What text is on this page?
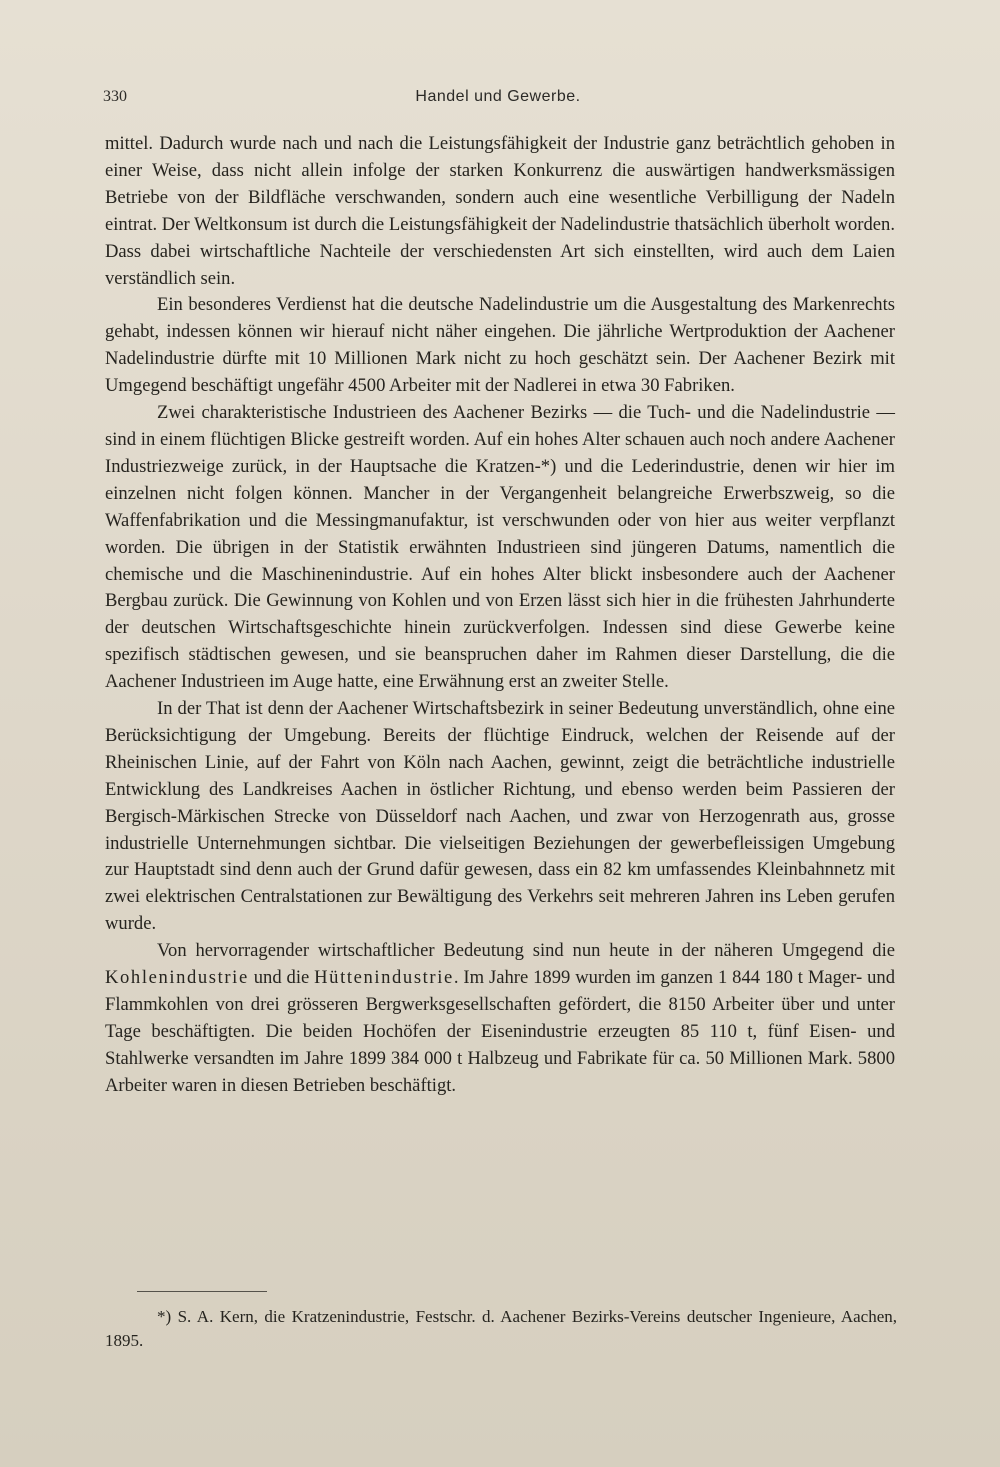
330	Handel und Gewerbe.

mittel. Dadurch wurde nach und nach die Leistungsfähigkeit der Industrie ganz beträchtlich gehoben in einer Weise, dass nicht allein infolge der starken Konkurrenz die auswärtigen handwerksmässigen Betriebe von der Bildfläche verschwanden, sondern auch eine wesentliche Verbilligung der Nadeln eintrat. Der Weltkonsum ist durch die Leistungsfähigkeit der Nadelindustrie thatsächlich überholt worden. Dass dabei wirtschaftliche Nachteile der verschiedensten Art sich einstellten, wird auch dem Laien verständlich sein.

Ein besonderes Verdienst hat die deutsche Nadelindustrie um die Ausgestaltung des Markenrechts gehabt, indessen können wir hierauf nicht näher eingehen. Die jährliche Wertproduktion der Aachener Nadelindustrie dürfte mit 10 Millionen Mark nicht zu hoch geschätzt sein. Der Aachener Bezirk mit Umgegend beschäftigt ungefähr 4500 Arbeiter mit der Nadlerei in etwa 30 Fabriken.

Zwei charakteristische Industrieen des Aachener Bezirks — die Tuch- und die Nadelindustrie — sind in einem flüchtigen Blicke gestreift worden. Auf ein hohes Alter schauen auch noch andere Aachener Industriezweige zurück, in der Hauptsache die Kratzen-*) und die Lederindustrie, denen wir hier im einzelnen nicht folgen können. Mancher in der Vergangenheit belangreiche Erwerbszweig, so die Waffenfabrikation und die Messingmanufaktur, ist verschwunden oder von hier aus weiter verpflanzt worden. Die übrigen in der Statistik erwähnten Industrieen sind jüngeren Datums, namentlich die chemische und die Maschinenindustrie. Auf ein hohes Alter blickt insbesondere auch der Aachener Bergbau zurück. Die Gewinnung von Kohlen und von Erzen lässt sich hier in die frühesten Jahrhunderte der deutschen Wirtschaftsgeschichte hinein zurückverfolgen. Indessen sind diese Gewerbe keine spezifisch städtischen gewesen, und sie beanspruchen daher im Rahmen dieser Darstellung, die die Aachener Industrieen im Auge hatte, eine Erwähnung erst an zweiter Stelle.

In der That ist denn der Aachener Wirtschaftsbezirk in seiner Bedeutung unverständlich, ohne eine Berücksichtigung der Umgebung. Bereits der flüchtige Eindruck, welchen der Reisende auf der Rheinischen Linie, auf der Fahrt von Köln nach Aachen, gewinnt, zeigt die beträchtliche industrielle Entwicklung des Landkreises Aachen in östlicher Richtung, und ebenso werden beim Passieren der Bergisch-Märkischen Strecke von Düsseldorf nach Aachen, und zwar von Herzogenrath aus, grosse industrielle Unternehmungen sichtbar. Die vielseitigen Beziehungen der gewerbefleissigen Umgebung zur Hauptstadt sind denn auch der Grund dafür gewesen, dass ein 82 km umfassendes Kleinbahnnetz mit zwei elektrischen Centralstationen zur Bewältigung des Verkehrs seit mehreren Jahren ins Leben gerufen wurde.

Von hervorragender wirtschaftlicher Bedeutung sind nun heute in der näheren Umgegend die Kohlenindustrie und die Hüttenindustrie. Im Jahre 1899 wurden im ganzen 1 844 180 t Mager- und Flammkohlen von drei grösseren Bergwerksgesellschaften gefördert, die 8150 Arbeiter über und unter Tage beschäftigten. Die beiden Hochöfen der Eisenindustrie erzeugten 85 110 t, fünf Eisen- und Stahlwerke versandten im Jahre 1899 384 000 t Halbzeug und Fabrikate für ca. 50 Millionen Mark. 5800 Arbeiter waren in diesen Betrieben beschäftigt.

*) S. A. Kern, die Kratzenindustrie, Festschr. d. Aachener Bezirks-Vereins deutscher Ingenieure, Aachen, 1895.
